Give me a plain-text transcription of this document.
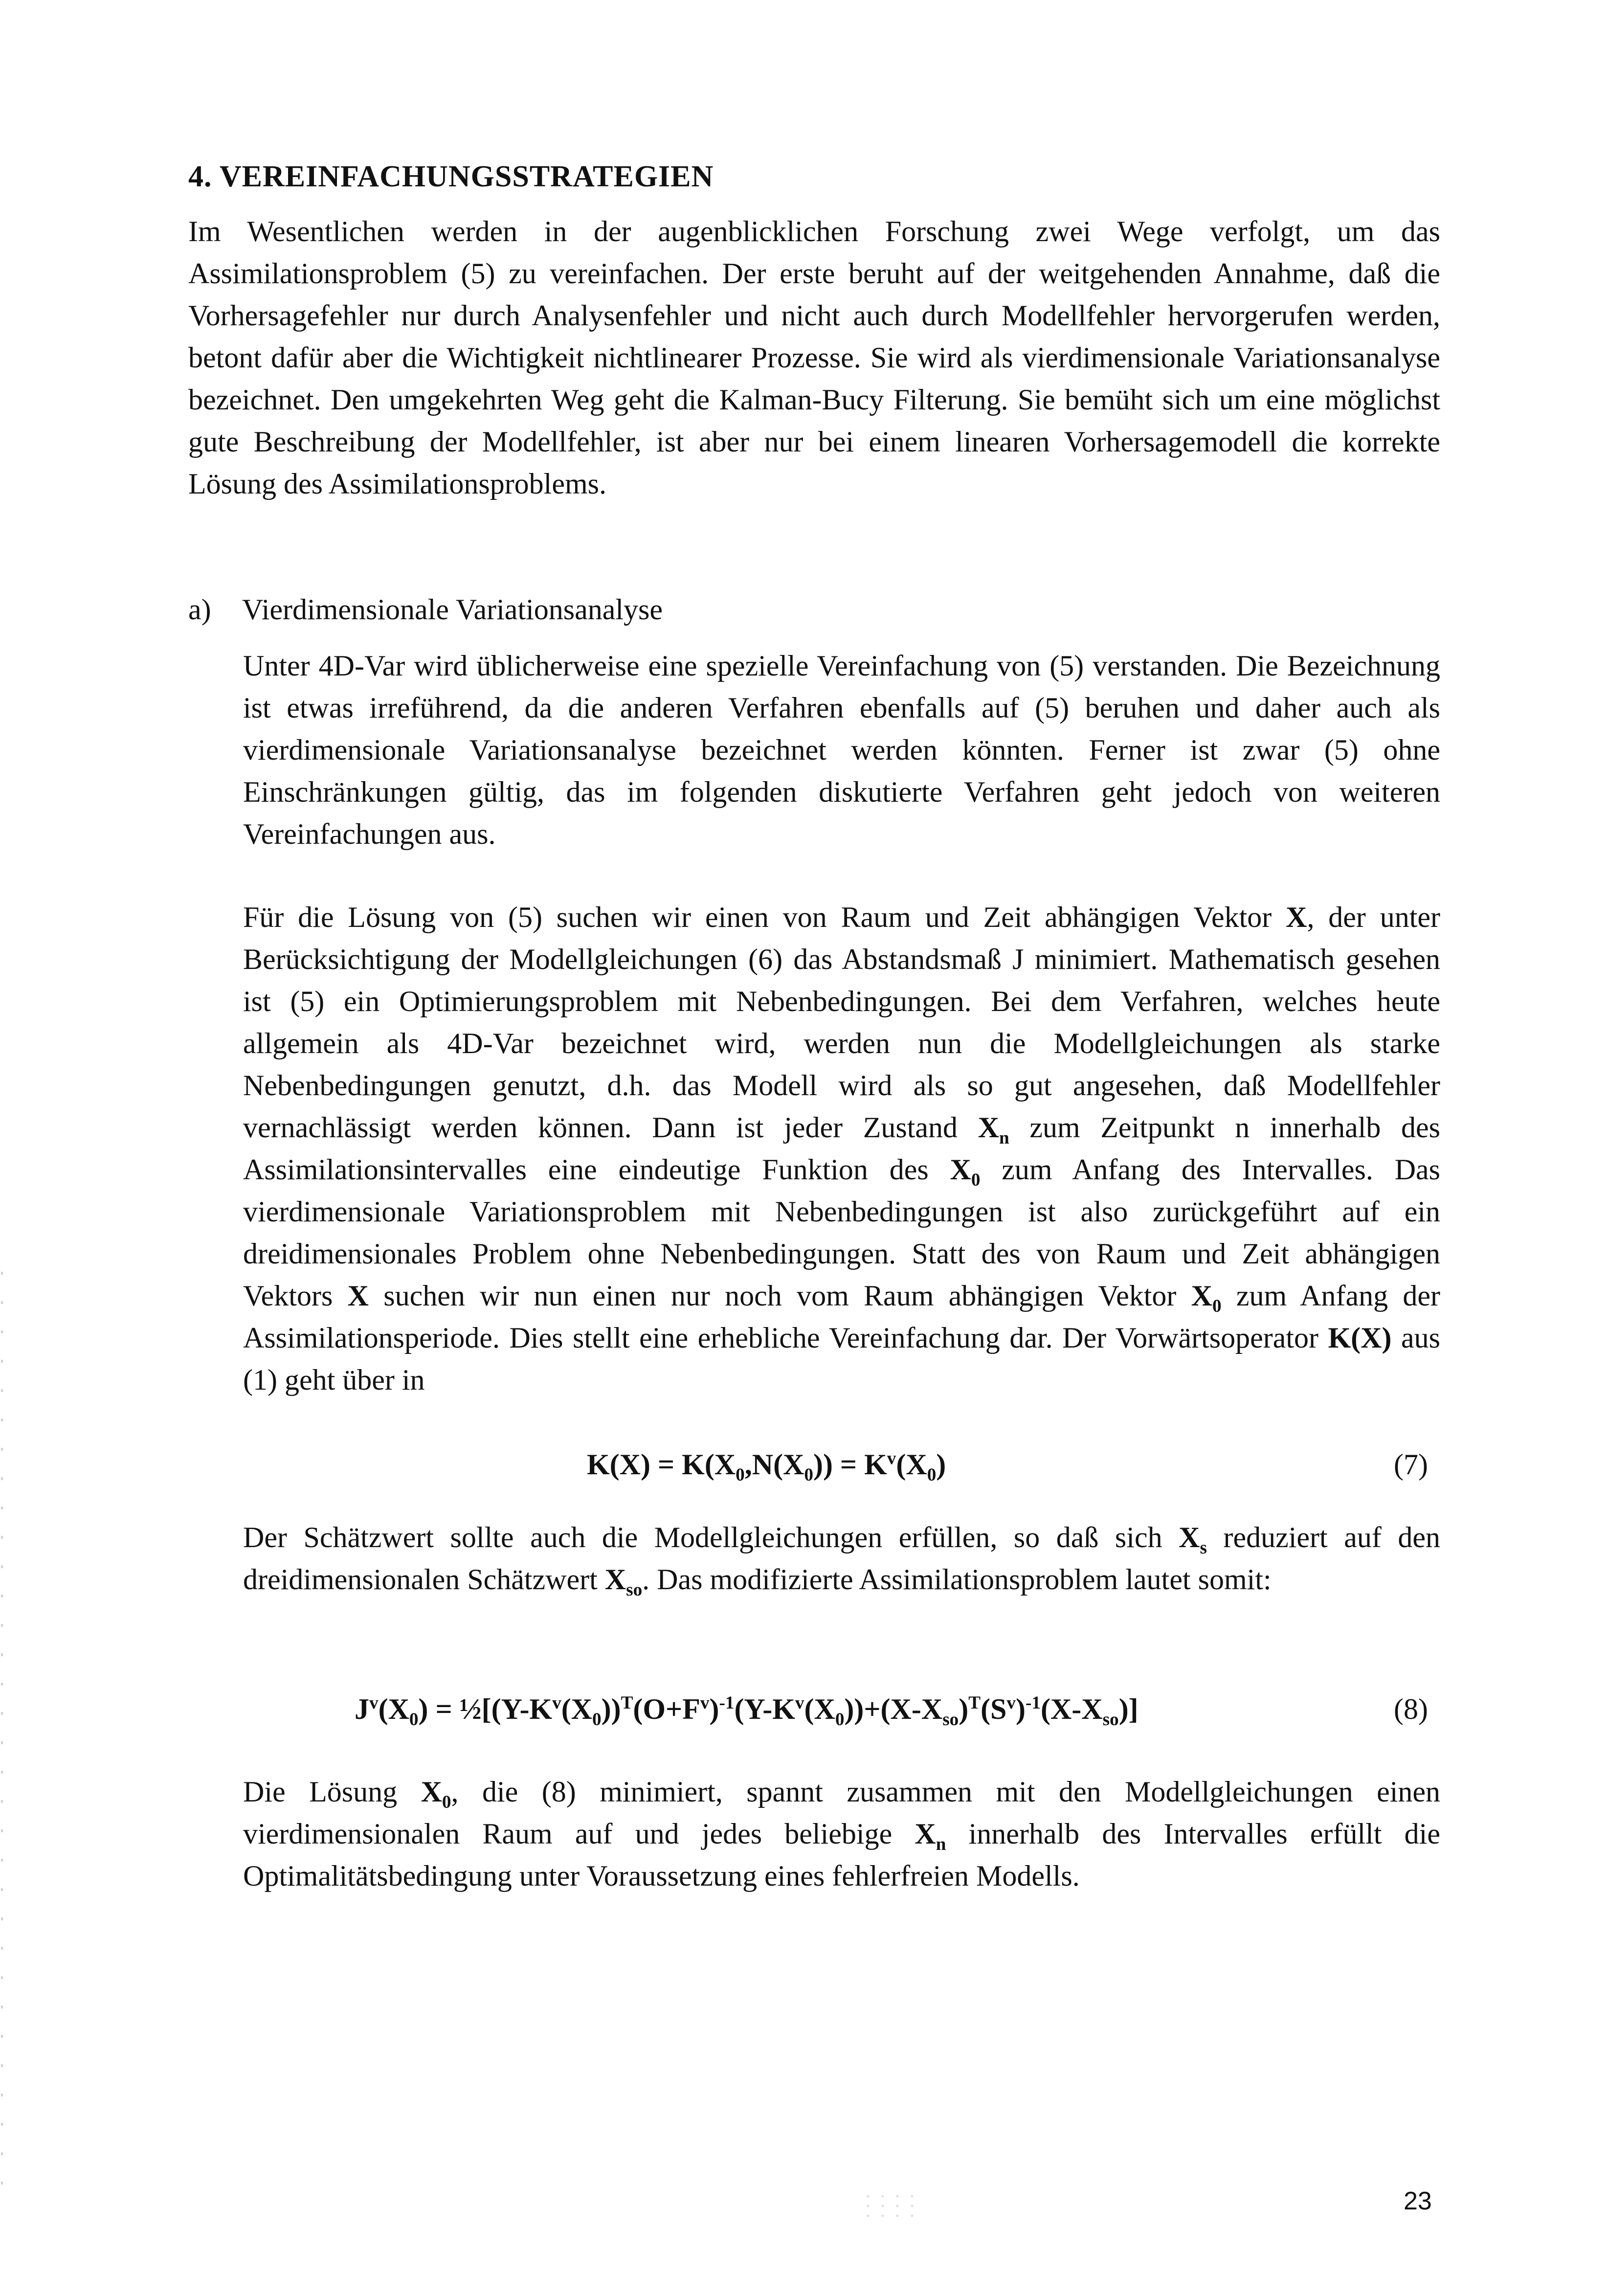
4. VEREINFACHUNGSSTRATEGIEN

Im Wesentlichen werden in der augenblicklichen Forschung zwei Wege verfolgt, um das Assimilationsproblem (5) zu vereinfachen. Der erste beruht auf der weitgehenden Annahme, daß die Vorhersagefehler nur durch Analysenfehler und nicht auch durch Modellfehler hervorgerufen werden, betont dafür aber die Wichtigkeit nichtlinearer Prozesse. Sie wird als vierdimensionale Variationsanalyse bezeichnet. Den umgekehrten Weg geht die Kalman-Bucy Filterung. Sie bemüht sich um eine möglichst gute Beschreibung der Modellfehler, ist aber nur bei einem linearen Vorhersagemodell die korrekte Lösung des Assimilationsproblems.

a) Vierdimensionale Variationsanalyse

Unter 4D-Var wird üblicherweise eine spezielle Vereinfachung von (5) verstanden. Die Bezeichnung ist etwas irreführend, da die anderen Verfahren ebenfalls auf (5) beruhen und daher auch als vierdimensionale Variationsanalyse bezeichnet werden könnten. Ferner ist zwar (5) ohne Einschränkungen gültig, das im folgenden diskutierte Verfahren geht jedoch von weiteren Vereinfachungen aus.

Für die Lösung von (5) suchen wir einen von Raum und Zeit abhängigen Vektor X, der unter Berücksichtigung der Modellgleichungen (6) das Abstandsmaß J minimiert. Mathematisch gesehen ist (5) ein Optimierungsproblem mit Nebenbedingungen. Bei dem Verfahren, welches heute allgemein als 4D-Var bezeichnet wird, werden nun die Modellgleichungen als starke Nebenbedingungen genutzt, d.h. das Modell wird als so gut angesehen, daß Modellfehler vernachlässigt werden können. Dann ist jeder Zustand $X_n$ zum Zeitpunkt n innerhalb des Assimilationsintervalles eine eindeutige Funktion des $X_0$ zum Anfang des Intervalles. Das vierdimensionale Variationsproblem mit Nebenbedingungen ist also zurückgeführt auf ein dreidimensionales Problem ohne Nebenbedingungen. Statt des von Raum und Zeit abhängigen Vektors X suchen wir nun einen nur noch vom Raum abhängigen Vektor $X_0$ zum Anfang der Assimilationsperiode. Dies stellt eine erhebliche Vereinfachung dar. Der Vorwärtsoperator K(X) aus (1) geht über in

$K(X) = K(X_0,N(X_0)) = K^v(X_0)$	(7)

Der Schätzwert sollte auch die Modellgleichungen erfüllen, so daß sich $X_s$ reduziert auf den dreidimensionalen Schätzwert $X_{so}$. Das modifizierte Assimilationsproblem lautet somit:

$J^v(X_0)$ = $\frac{1}{2}[(Y-K^v(X_0))^T(O+F^v)^{-1}(Y-K^v(X_0))+(X-X_{so})^T(S^v)^{-1}(X-X_{so})]$	(8)

Die Lösung $X_0$, die (8) minimiert, spannt zusammen mit den Modellgleichungen einen vierdimensionalen Raum auf und jedes beliebige $X_n$ innerhalb des Intervalles erfüllt die Optimalitätsbedingung unter Voraussetzung eines fehlerfreien Modells.

23
